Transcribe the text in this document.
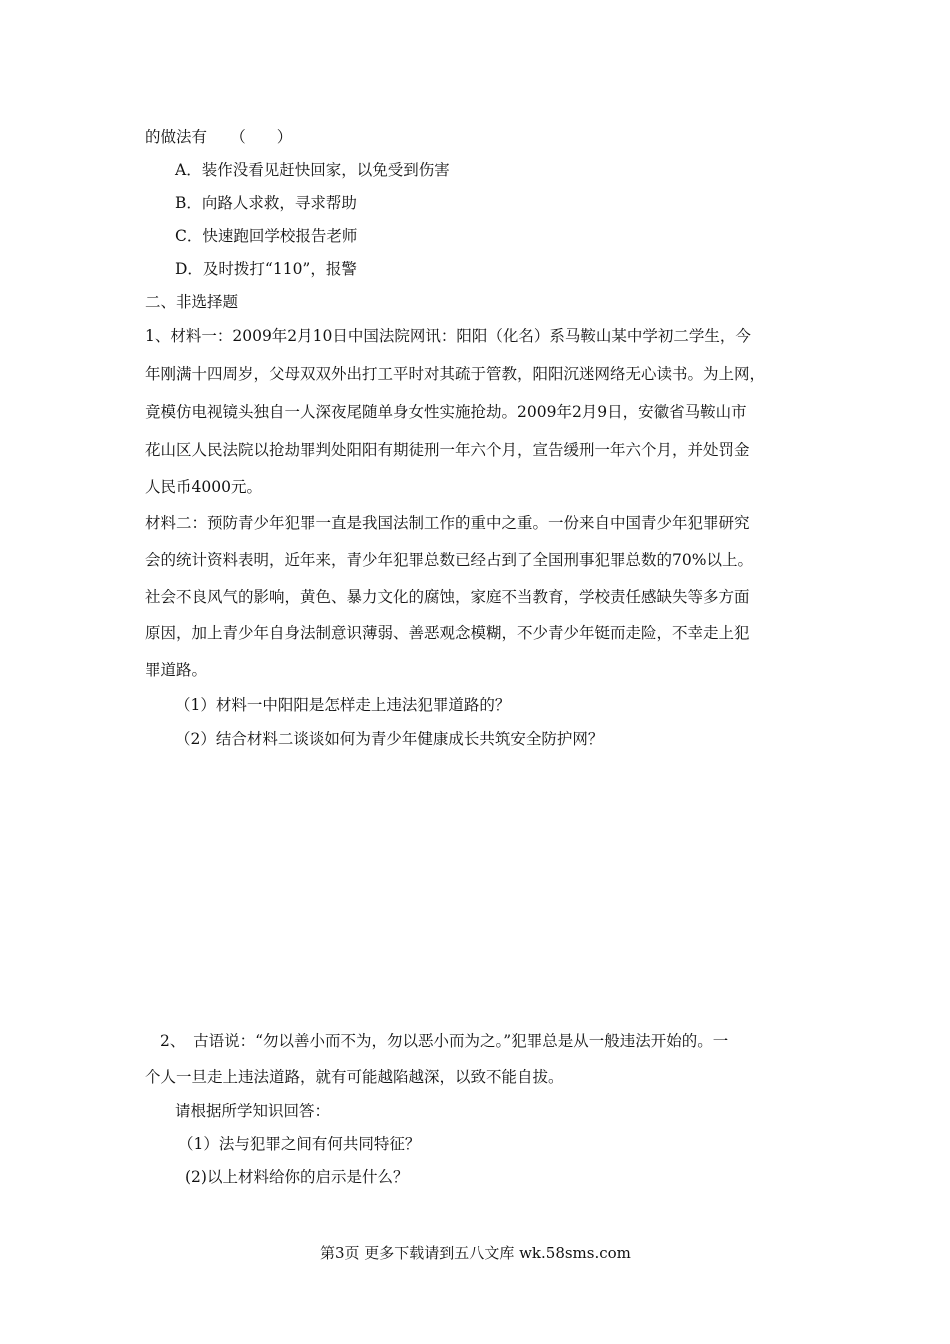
的做法有　　（　　）
A．装作没看见赶快回家，以免受到伤害
B．向路人求救，寻求帮助
C．快速跑回学校报告老师
D．及时拨打“110”，报警
二、非选择题
1、材料一：2009年2月10日中国法院网讯：阳阳（化名）系马鞍山某中学初二学生，今
年刚满十四周岁，父母双双外出打工平时对其疏于管教，阳阳沉迷网络无心读书。为上网，
竟模仿电视镜头独自一人深夜尾随单身女性实施抢劫。2009年2月9日，安徽省马鞍山市
花山区人民法院以抢劫罪判处阳阳有期徒刑一年六个月，宣告缓刑一年六个月，并处罚金
人民币4000元。
材料二：预防青少年犯罪一直是我国法制工作的重中之重。一份来自中国青少年犯罪研究
会的统计资料表明，近年来，青少年犯罪总数已经占到了全国刑事犯罪总数的70%以上。
社会不良风气的影响，黄色、暴力文化的腐蚀，家庭不当教育，学校责任感缺失等多方面
原因，加上青少年自身法制意识薄弱、善恶观念模糊，不少青少年铤而走险，不幸走上犯
罪道路。
（1）材料一中阳阳是怎样走上违法犯罪道路的？
（2）结合材料二谈谈如何为青少年健康成长共筑安全防护网？
2、　古语说：“勿以善小而不为，勿以恶小而为之。”犯罪总是从一般违法开始的。一
个人一旦走上违法道路，就有可能越陷越深，以致不能自拔。
请根据所学知识回答：
（1）法与犯罪之间有何共同特征？
(2)以上材料给你的启示是什么？
第3页 更多下载请到五八文库 wk.58sms.com
